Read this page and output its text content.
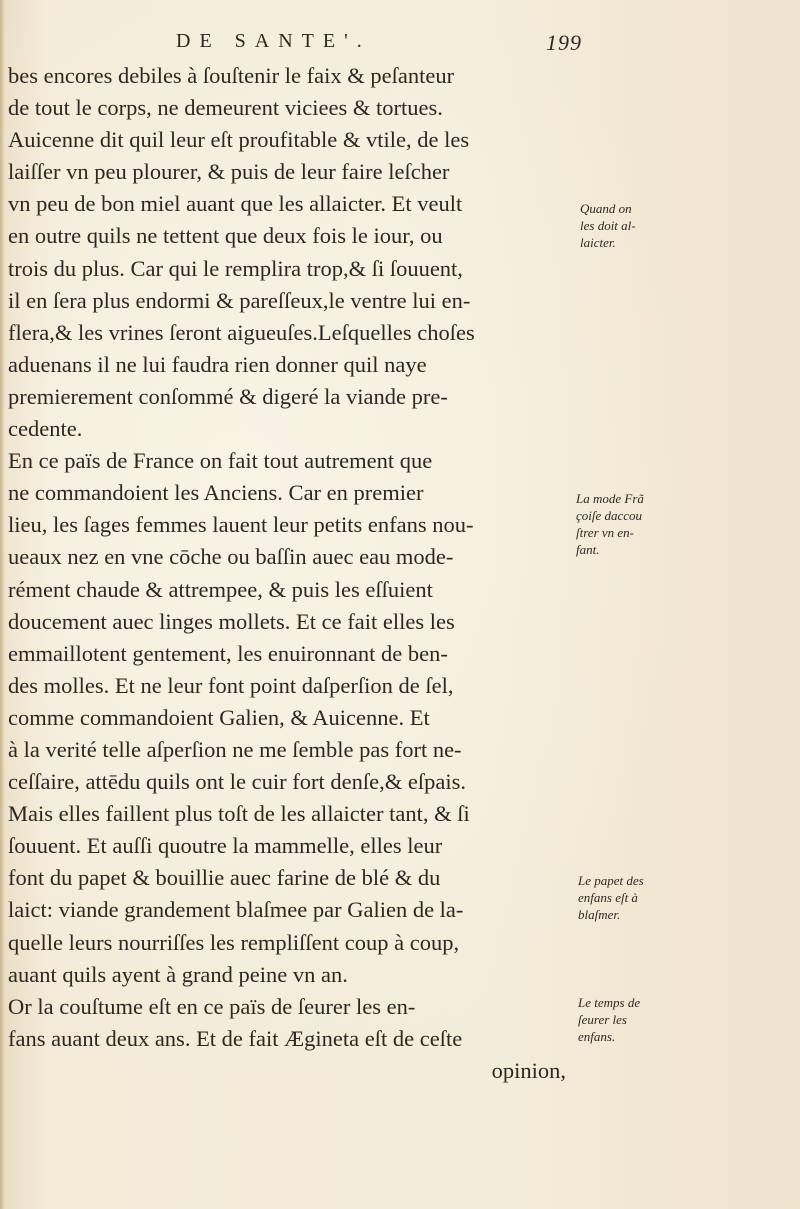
DE SANTE'.	199
bes encores debiles à ſouſtenir le faix & peſanteur
de tout le corps, ne demeurent viciees & tortues.
Auicenne dit quil leur eſt proufitable & vtile, de les
laiſſer vn peu plourer, & puis de leur faire leſcher
vn peu de bon miel auant que les allaicter. Et veult
en outre quils ne tettent que deux fois le iour, ou
trois du plus. Car qui le remplira trop,& ſi ſouuent,
il en ſera plus endormi & pareſſeux,le ventre lui en-
flera,& les vrines ſeront aigueuſes.Leſquelles choſes
aduenans il ne lui faudra rien donner quil naye
premierement conſommé & digeré la viande pre-
cedente.
En ce païs de France on fait tout autrement que
ne commandoient les Anciens. Car en premier
lieu, les ſages femmes lauent leur petits enfans nou-
ueaux nez en vne cōche ou baſſin auec eau mode-
rément chaude & attrempee, & puis les eſſuient
doucement auec linges mollets. Et ce fait elles les
emmaillotent gentement, les enuironnant de ben-
des molles. Et ne leur font point daſperſion de ſel,
comme commandoient Galien, & Auicenne. Et
à la verité telle aſperſion ne me ſemble pas fort ne-
ceſſaire, attēdu quils ont le cuir fort denſe,& eſpais.
Mais elles faillent plus toſt de les allaicter tant, & ſi
ſouuent. Et auſſi quoutre la mammelle, elles leur
font du papet & bouillie auec farine de blé & du
laict: viande grandement blaſmee par Galien de la-
quelle leurs nourriſſes les rempliſſent coup à coup,
auant quils ayent à grand peine vn an.
Or la couſtume eſt en ce païs de ſeurer les en-
fans auant deux ans. Et de fait Ægineta eſt de ceſte
opinion,
Quand on
les doit al-
laicter.
La mode Frã
çoiſe daccou
ſtrer vn en-
fant.
Le papet des
enfans eſt à
blaſmer.
Le temps de
ſeurer les
enfans.
